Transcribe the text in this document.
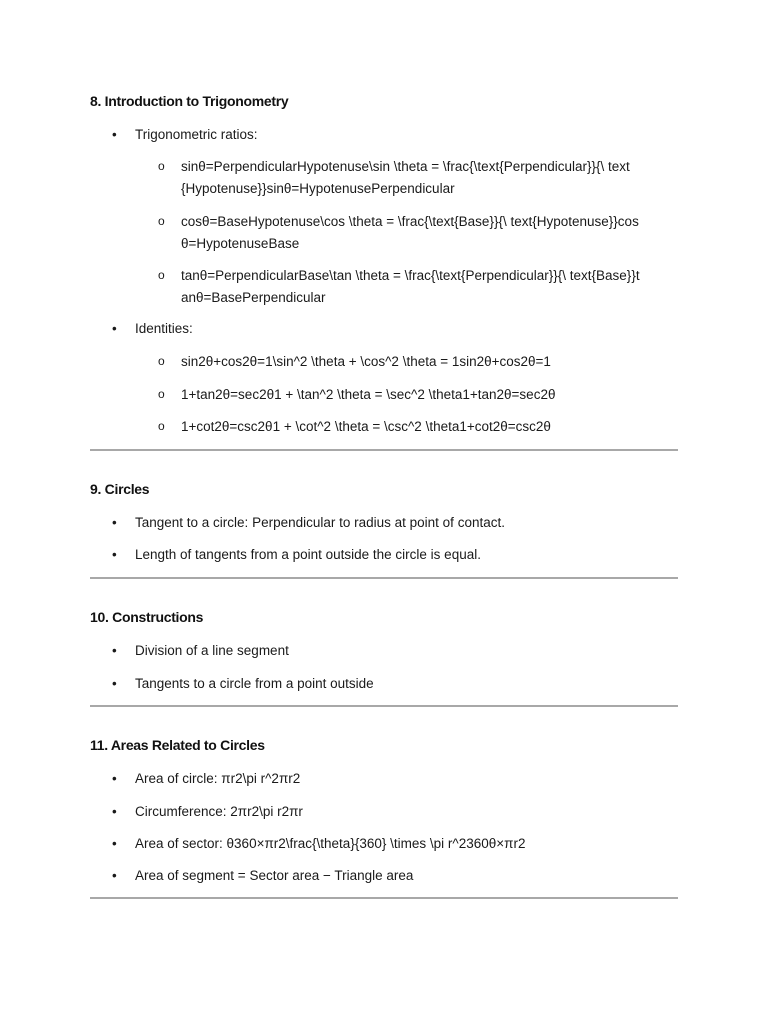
8. Introduction to Trigonometry
• Trigonometric ratios:
o sinθ=PerpendicularHypotenuse\sin \theta = \frac{\text{Perpendicular}}{\ text{Hypotenuse}}sinθ=HypotenusePerpendicular
o cosθ=BaseHypotenuse\cos \theta = \frac{\text{Base}}{\ text{Hypotenuse}}cosθ=HypotenuseBase
o tanθ=PerpendicularBase\tan \theta = \frac{\text{Perpendicular}}{\ text{Base}}tanθ=BasePerpendicular
• Identities:
o sin2θ+cos2θ=1\sin^2 \theta + \cos^2 \theta = 1sin2θ+cos2θ=1
o 1+tan2θ=sec2θ1 + \tan^2 \theta = \sec^2 \theta1+tan2θ=sec2θ
o 1+cot2θ=csc2θ1 + \cot^2 \theta = \csc^2 \theta1+cot2θ=csc2θ
9. Circles
• Tangent to a circle: Perpendicular to radius at point of contact.
• Length of tangents from a point outside the circle is equal.
10. Constructions
• Division of a line segment
• Tangents to a circle from a point outside
11. Areas Related to Circles
• Area of circle: πr2\pi r^2πr2
• Circumference: 2πr2\pi r2πr
• Area of sector: θ360×πr2\frac{\theta}{360} \times \pi r^2360θ×πr2
• Area of segment = Sector area − Triangle area
